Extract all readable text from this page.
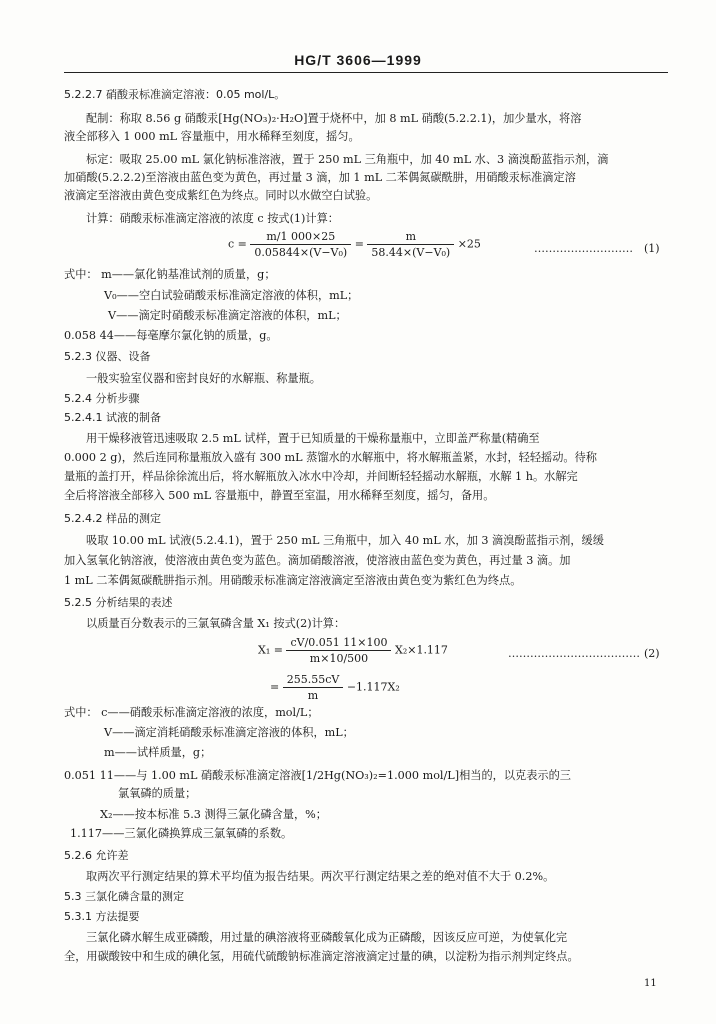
HG/T 3606—1999
5.2.2.7 硝酸汞标准滴定溶液：0.05 mol/L。
配制：称取 8.56 g 硝酸汞[Hg(NO₃)₂·H₂O]置于烧杯中，加 8 mL 硝酸(5.2.2.1)，加少量水，将溶
液全部移入 1 000 mL 容量瓶中，用水稀释至刻度，摇匀。
标定：吸取 25.00 mL 氯化钠标准溶液，置于 250 mL 三角瓶中，加 40 mL 水、3 滴溴酚蓝指示剂，滴
加硝酸(5.2.2.2)至溶液由蓝色变为黄色，再过量 3 滴，加 1 mL 二苯偶氮碳酰肼，用硝酸汞标准滴定溶
液滴定至溶液由黄色变成紫红色为终点。同时以水做空白试验。
计算：硝酸汞标准滴定溶液的浓度 c 按式(1)计算：
$c = \frac{m/1 000\times 25}{\text{0.05844×(V−V₀)}} = \frac{m}{\text{58.44×(V−V₀)}} \times 25$	……………………… (1)
式中： m——氯化钠基准试剂的质量，g；
V₀——空白试验硝酸汞标准滴定溶液的体积，mL；
V——滴定时硝酸汞标准滴定溶液的体积，mL；
0.058 44——每毫摩尔氯化钠的质量，g。
5.2.3 仪器、设备
一般实验室仪器和密封良好的水解瓶、称量瓶。
5.2.4 分析步骤
5.2.4.1 试液的制备
用干燥移液管迅速吸取 2.5 mL 试样，置于已知质量的干燥称量瓶中，立即盖严称量(精确至
0.000 2 g)，然后连同称量瓶放入盛有 300 mL 蒸馏水的水解瓶中，将水解瓶盖紧，水封，轻轻摇动。待称
量瓶的盖打开，样品徐徐流出后，将水解瓶放入冰水中冷却，并间断轻轻摇动水解瓶，水解 1 h。水解完
全后将溶液全部移入 500 mL 容量瓶中，静置至室温，用水稀释至刻度，摇匀，备用。
5.2.4.2 样品的测定
吸取 10.00 mL 试液(5.2.4.1)，置于 250 mL 三角瓶中，加入 40 mL 水，加 3 滴溴酚蓝指示剂，缓缓
加入氢氧化钠溶液，使溶液由黄色变为蓝色。滴加硝酸溶液，使溶液由蓝色变为黄色，再过量 3 滴。加
1 mL 二苯偶氮碳酰肼指示剂。用硝酸汞标准滴定溶液滴定至溶液由黄色变为紫红色为终点。
5.2.5 分析结果的表述
以质量百分数表示的三氯氧磷含量 X₁ 按式(2)计算：
$X_1 = \frac{cV/0.051 11\times 100}{m\times 10/500} X_2\times 1.117$	……………………………… (2)
= $\frac{255.55cV}{m} -1.117X_2$
式中： c——硝酸汞标准滴定溶液的浓度，mol/L；
V——滴定消耗硝酸汞标准滴定溶液的体积，mL；
m——试样质量，g；
0.051 11——与 1.00 mL 硝酸汞标准滴定溶液[1/2Hg(NO₃)₂=1.000 mol/L]相当的，以克表示的三
氯氧磷的质量；
X₂——按本标准 5.3 测得三氯化磷含量，%；
1.117——三氯化磷换算成三氯氧磷的系数。
5.2.6 允许差
取两次平行测定结果的算术平均值为报告结果。两次平行测定结果之差的绝对值不大于 0.2%。
5.3 三氯化磷含量的测定
5.3.1 方法提要
三氯化磷水解生成亚磷酸，用过量的碘溶液将亚磷酸氧化成为正磷酸，因该反应可逆，为使氧化完
全，用碳酸铵中和生成的碘化氢，用硫代硫酸钠标准滴定溶液滴定过量的碘，以淀粉为指示剂判定终点。
11
